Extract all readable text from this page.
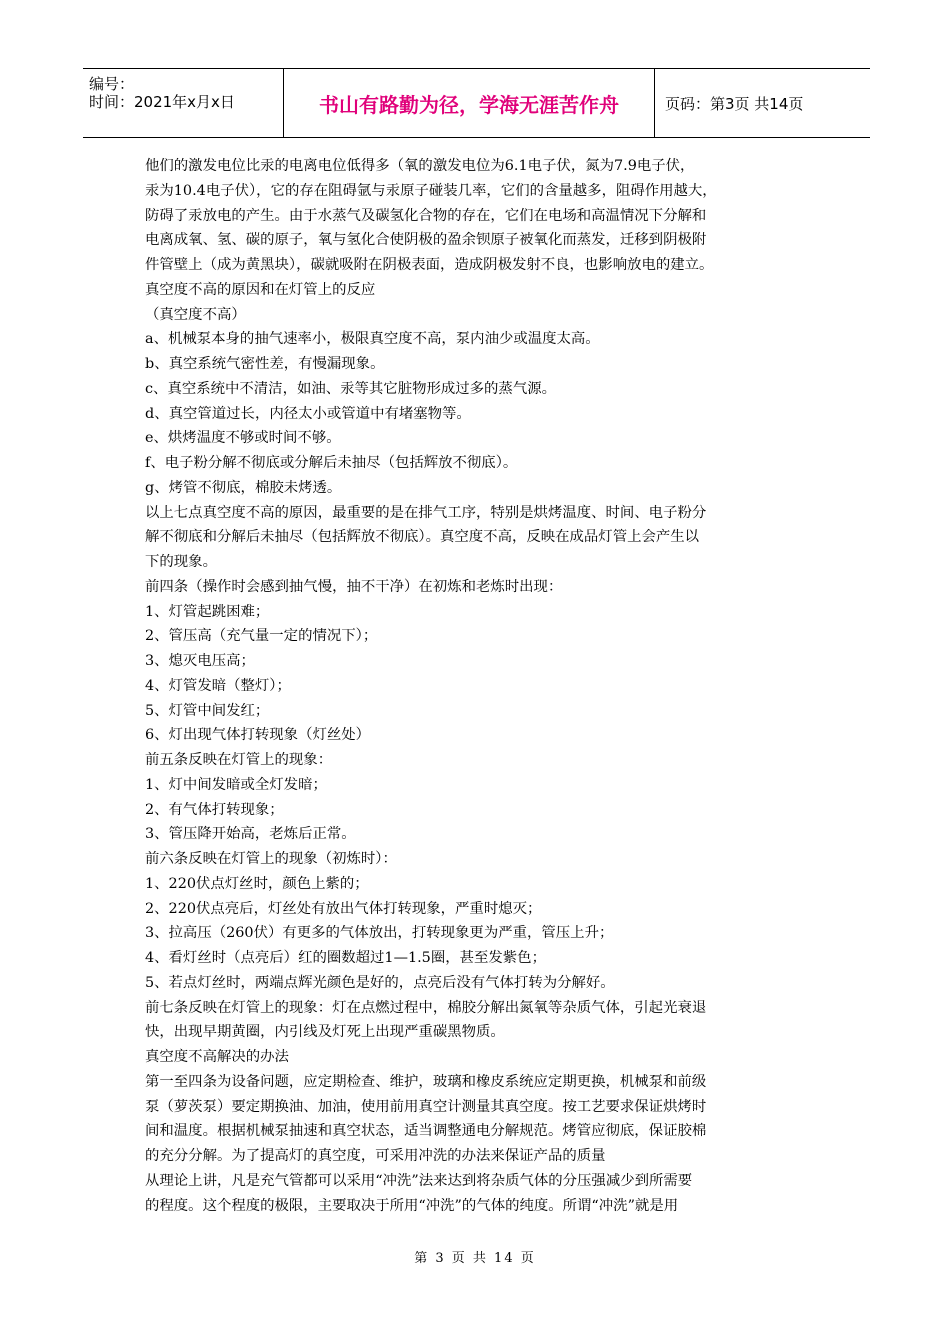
编号：
时间：2021年x月x日	书山有路勤为径，学海无涯苦作舟	页码：第3页 共14页
他们的激发电位比汞的电离电位低得多（氧的激发电位为6.1电子伏，氮为7.9电子伏，
汞为10.4电子伏），它的存在阻碍氩与汞原子碰装几率，它们的含量越多，阻碍作用越大，
防碍了汞放电的产生。由于水蒸气及碳氢化合物的存在，它们在电场和高温情况下分解和
电离成氧、氢、碳的原子，氧与氢化合使阴极的盈余钡原子被氧化而蒸发，迁移到阴极附
件管壁上（成为黄黑块），碳就吸附在阴极表面，造成阴极发射不良，也影响放电的建立。
真空度不高的原因和在灯管上的反应
（真空度不高）
a、机械泵本身的抽气速率小，极限真空度不高，泵内油少或温度太高。
b、真空系统气密性差，有慢漏现象。
c、真空系统中不清洁，如油、汞等其它脏物形成过多的蒸气源。
d、真空管道过长，内径太小或管道中有堵塞物等。
e、烘烤温度不够或时间不够。
f、电子粉分解不彻底或分解后未抽尽（包括辉放不彻底）。
g、烤管不彻底，棉胶未烤透。
以上七点真空度不高的原因，最重要的是在排气工序，特别是烘烤温度、时间、电子粉分
解不彻底和分解后未抽尽（包括辉放不彻底）。真空度不高，反映在成品灯管上会产生以
下的现象。
前四条（操作时会感到抽气慢，抽不干净）在初炼和老炼时出现：
1、灯管起跳困难；
2、管压高（充气量一定的情况下）；
3、熄灭电压高；
4、灯管发暗（整灯）；
5、灯管中间发红；
6、灯出现气体打转现象（灯丝处）
前五条反映在灯管上的现象：
1、灯中间发暗或全灯发暗；
2、有气体打转现象；
3、管压降开始高，老炼后正常。
前六条反映在灯管上的现象（初炼时）：
1、220伏点灯丝时，颜色上紫的；
2、220伏点亮后，灯丝处有放出气体打转现象，严重时熄灭；
3、拉高压（260伏）有更多的气体放出，打转现象更为严重，管压上升；
4、看灯丝时（点亮后）红的圈数超过1—1.5圈，甚至发紫色；
5、若点灯丝时，两端点辉光颜色是好的，点亮后没有气体打转为分解好。
前七条反映在灯管上的现象：灯在点燃过程中，棉胶分解出氮氧等杂质气体，引起光衰退
快，出现早期黄圈，内引线及灯死上出现严重碳黑物质。
真空度不高解决的办法
第一至四条为设备问题，应定期检查、维护，玻璃和橡皮系统应定期更换，机械泵和前级
泵（萝茨泵）要定期换油、加油，使用前用真空计测量其真空度。按工艺要求保证烘烤时
间和温度。根据机械泵抽速和真空状态，适当调整通电分解规范。烤管应彻底，保证胶棉
的充分分解。为了提高灯的真空度，可采用冲洗的办法来保证产品的质量
从理论上讲，凡是充气管都可以采用“冲洗”法来达到将杂质气体的分压强减少到所需要
的程度。这个程度的极限，主要取决于所用“冲洗”的气体的纯度。所谓“冲洗”就是用
第 3 页 共 14 页
